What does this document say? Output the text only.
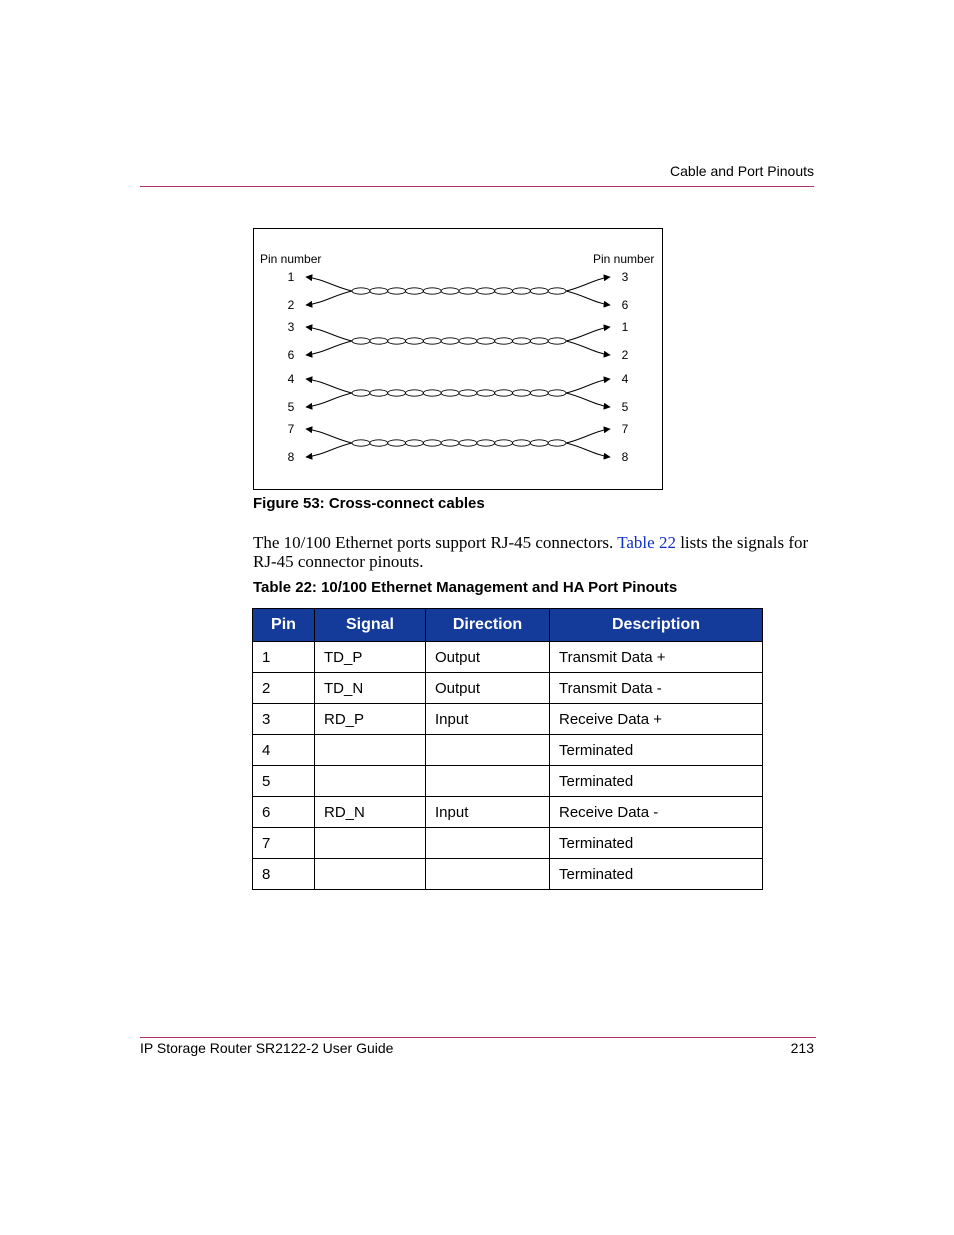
Cable and Port Pinouts
Pin number	Pin number
1
2
3
6
3
6
1
2
4
5
4
5
7
8
7
8
Figure 53: Cross-connect cables
The 10/100 Ethernet ports support RJ-45 connectors. Table 22 lists the signals for RJ-45 connector pinouts.
Table 22: 10/100 Ethernet Management and HA Port Pinouts
Pin	Signal	Direction	Description
1	TD_P	Output	Transmit Data +
2	TD_N	Output	Transmit Data -
3	RD_P	Input	Receive Data +
4			Terminated
5			Terminated
6	RD_N	Input	Receive Data -
7			Terminated
8			Terminated
IP Storage Router SR2122-2 User Guide	213
